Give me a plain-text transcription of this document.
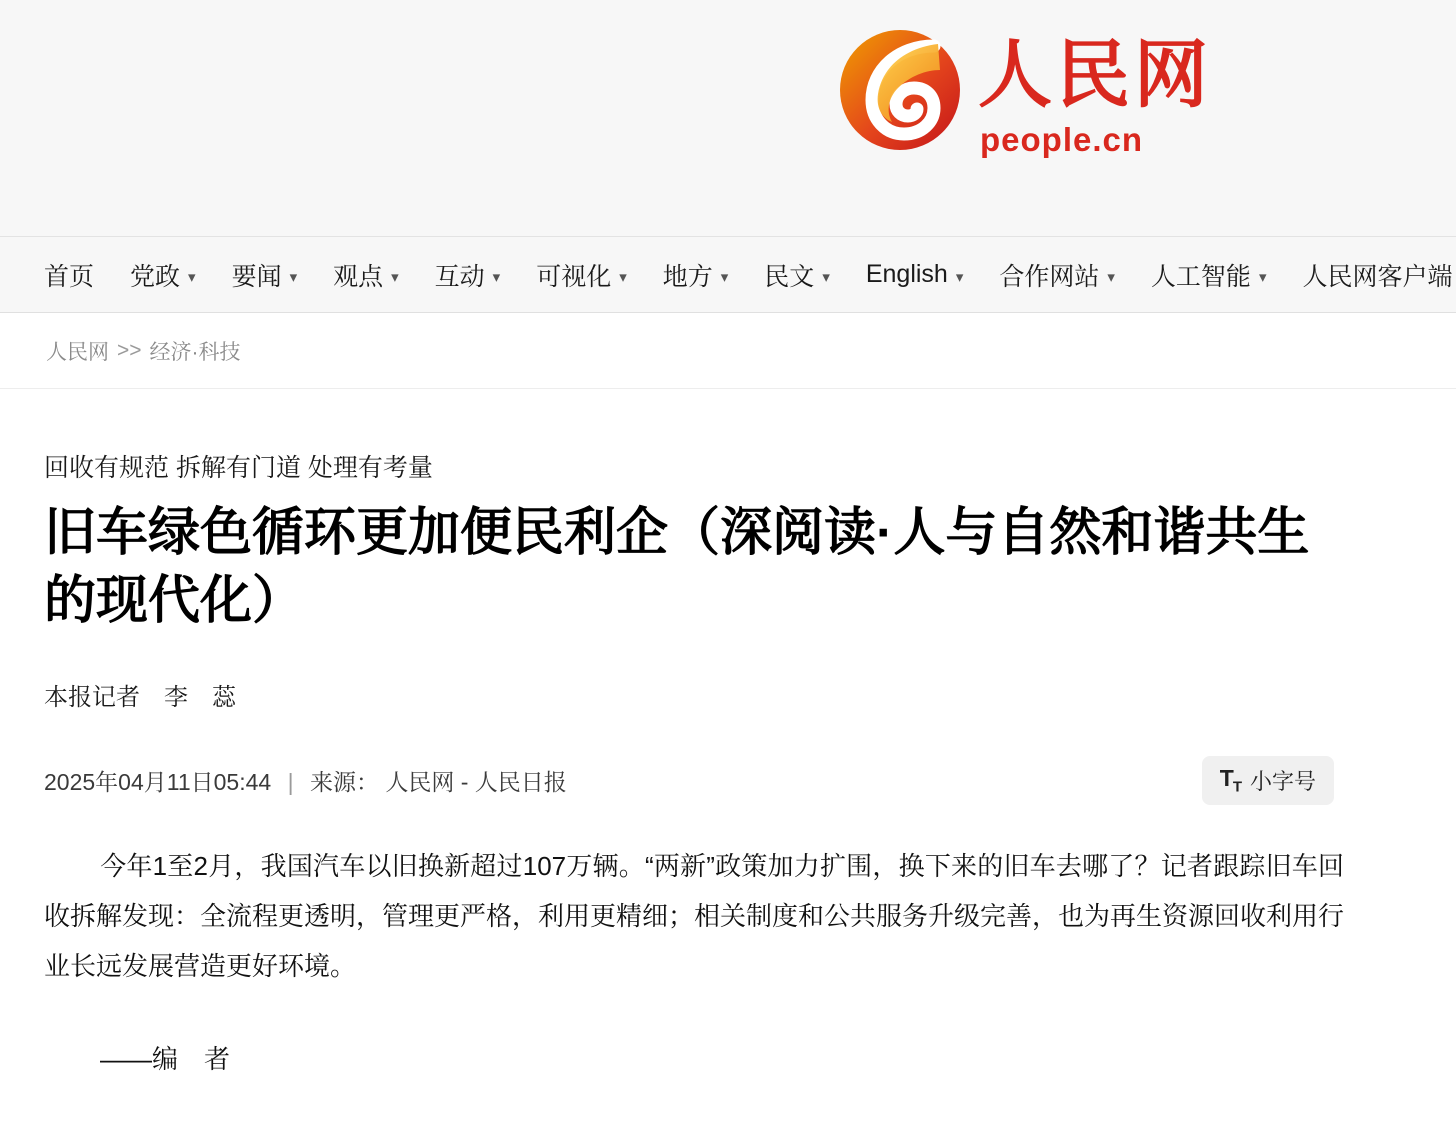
人民网
people.cn
首页 党政 ▾ 要闻 ▾ 观点 ▾ 互动 ▾ 可视化 ▾ 地方 ▾ 民文 ▾ English ▾ 合作网站 ▾ 人工智能 ▾ 人民网客户端
人民网 >> 经济·科技
回收有规范 拆解有门道 处理有考量
旧车绿色循环更加便民利企（深阅读·人与自然和谐共生的现代化）
本报记者　李　蕊
2025年04月11日05:44 | 来源： 人民网 - 人民日报	$T_T$ 小字号

今年1至2月，我国汽车以旧换新超过107万辆。“两新”政策加力扩围，换下来的旧车去哪了？记者跟踪旧车回收拆解发现：全流程更透明，管理更严格，利用更精细；相关制度和公共服务升级完善，也为再生资源回收利用行业长远发展营造更好环境。

——编　者
